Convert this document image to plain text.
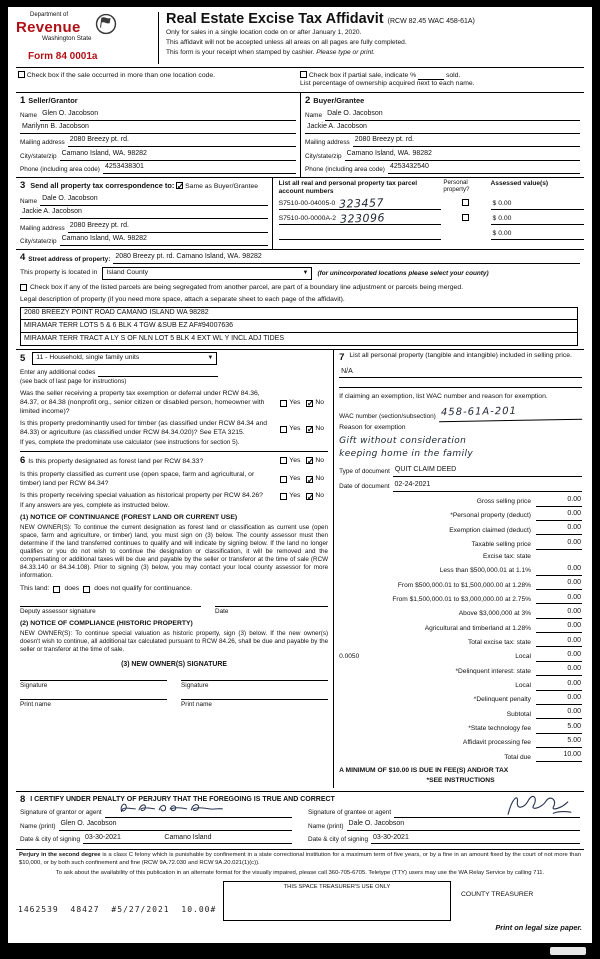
Department of
Revenue
Washington State
Form 84 0001a
Real Estate Excise Tax Affidavit (RCW 82.45 WAC 458-61A)
Only for sales in a single location code on or after January 1, 2020.
This affidavit will not be accepted unless all areas on all pages are fully completed.
This form is your receipt when stamped by cashier. Please type or print.
Check box if the sale occurred in more than one location code.	Check box if partial sale, indicate %	sold.
List percentage of ownership acquired next to each name.
1 Seller/Grantor
Name Glen O. Jacobson
Marilynn B. Jacobson
Mailing address 2080 Breezy pt. rd.
City/state/zip Camano Island, WA. 98282
Phone (including area code) 4253438301
2 Buyer/Grantee
Name Dale O. Jacobson
Jackie A. Jacobson
Mailing address 2080 Breezy pt. rd.
City/state/zip Camano Island, WA. 98282
Phone (including area code) 4253432540
3 Send all property tax correspondence to: ✓ Same as Buyer/Grantee
Name Dale O. Jacobson
Jackie A. Jacobson
Mailing address 2080 Breezy pt. rd.
City/state/zip Camano Island, WA. 98282
List all real and personal property tax parcel account numbers
Personal property?
Assessed value(s)
S7510-00-04005-0 323457	$ 0.00
S7510-00-0000A-2 323096	$ 0.00
$ 0.00
4 Street address of property: 2080 Breezy pt. rd. Camano Island, WA. 98282
This property is located in Island County	▼ (for unincorporated locations please select your county)
Check box if any of the listed parcels are being segregated from another parcel, are part of a boundary line adjustment or parcels being merged.
Legal description of property (if you need more space, attach a separate sheet to each page of the affidavit).
2080 BREEZY POINT ROAD CAMANO ISLAND WA 98282
MIRAMAR TERR LOTS 5 & 6 BLK 4 TGW &SUB EZ AF#94007636
MIRAMAR TERR TRACT A LY S OF NLN LOT 5 BLK 4 EXT WL Y INCL ADJ TIDES
5 11 - Household, single family units	▼
Enter any additional codes
(see back of last page for instructions)
Was the seller receiving a property tax exemption or deferral under RCW 84.36, 84.37, or 84.38 (nonprofit org., senior citizen or disabled person, homeowner with limited income)?
Yes ✓ No
Is this property predominantly used for timber (as classified under RCW 84.34 and 84.33) or agriculture (as classified under RCW 84.34.020)? See ETA 3215.
Yes ✓ No
If yes, complete the predominate use calculator (see instructions for section 5).
6 Is this property designated as forest land per RCW 84.33?	Yes ✓ No
Is this property classified as current use (open space, farm and agricultural, or timber) land per RCW 84.34?
Yes ✓ No
Is this property receiving special valuation as historical property per RCW 84.26?	Yes ✓ No
If any answers are yes, complete as instructed below.
(1) NOTICE OF CONTINUANCE (FOREST LAND OR CURRENT USE)
NEW OWNER(S): To continue the current designation as forest land or classification as current use (open space, farm and agriculture, or timber) land, you must sign on (3) below. The county assessor must then determine if the land transferred continues to qualify and will indicate by signing below. If the land no longer qualifies or you do not wish to continue the designation or classification, it will be removed and the compensating or additional taxes will be due and payable by the seller or transferor at the time of sale (RCW 84.33.140 or 84.34.108). Prior to signing (3) below, you may contact your local county assessor for more information.
This land: does does not qualify for continuance.
Deputy assessor signature	Date
(2) NOTICE OF COMPLIANCE (HISTORIC PROPERTY)
NEW OWNER(S): To continue special valuation as historic property, sign (3) below. If the new owner(s) doesn't wish to continue, all additional tax calculated pursuant to RCW 84.26, shall be due and payable by the seller or transferor at the time of sale.
(3) NEW OWNER(S) SIGNATURE
Signature	Signature
Print name	Print name
7 List all personal property (tangible and intangible) included in selling price.
N/A
If claiming an exemption, list WAC number and reason for exemption.
WAC number (section/subsection) 458-61A-201
Reason for exemption
Gift without consideration
keeping home in the family
Type of document QUIT CLAIM DEED
Date of document 02-24-2021
Gross selling price	0.00
*Personal property (deduct)	0.00
Exemption claimed (deduct)	0.00
Taxable selling price	0.00
Excise tax: state
Less than $500,000.01 at 1.1%	0.00
From $500,000.01 to $1,500,000.00 at 1.28%	0.00
From $1,500,000.01 to $3,000,000.00 at 2.75%	0.00
Above $3,000,000 at 3%	0.00
Agricultural and timberland at 1.28%	0.00
Total excise tax: state	0.00
0.0050	Local	0.00
*Delinquent interest: state	0.00
Local	0.00
*Delinquent penalty	0.00
Subtotal	0.00
*State technology fee	5.00
Affidavit processing fee	5.00
Total due	10.00
A MINIMUM OF $10.00 IS DUE IN FEE(S) AND/OR TAX
*SEE INSTRUCTIONS
8 I CERTIFY UNDER PENALTY OF PERJURY THAT THE FOREGOING IS TRUE AND CORRECT
Signature of grantor or agent
Name (print) Glen O. Jacobson
Date & city of signing 03-30-2021	Camano Island
Signature of grantee or agent
Name (print) Dale O. Jacobson
Date & city of signing 03-30-2021
Perjury in the second degree is a class C felony which is punishable by confinement in a state correctional institution for a maximum term of five years, or by a fine in an amount fixed by the court of not more than $10,000, or by both such confinement and fine (RCW 9A.72.030 and RCW 9A.20.021(1)(c)).
To ask about the availability of this publication in an alternate format for the visually impaired, please call 360-705-6705. Teletype (TTY) users may use the WA Relay Service by calling 711.
1462539 48427 #5/27/2021 10.00#
THIS SPACE TREASURER'S USE ONLY
COUNTY TREASURER
Print on legal size paper.
